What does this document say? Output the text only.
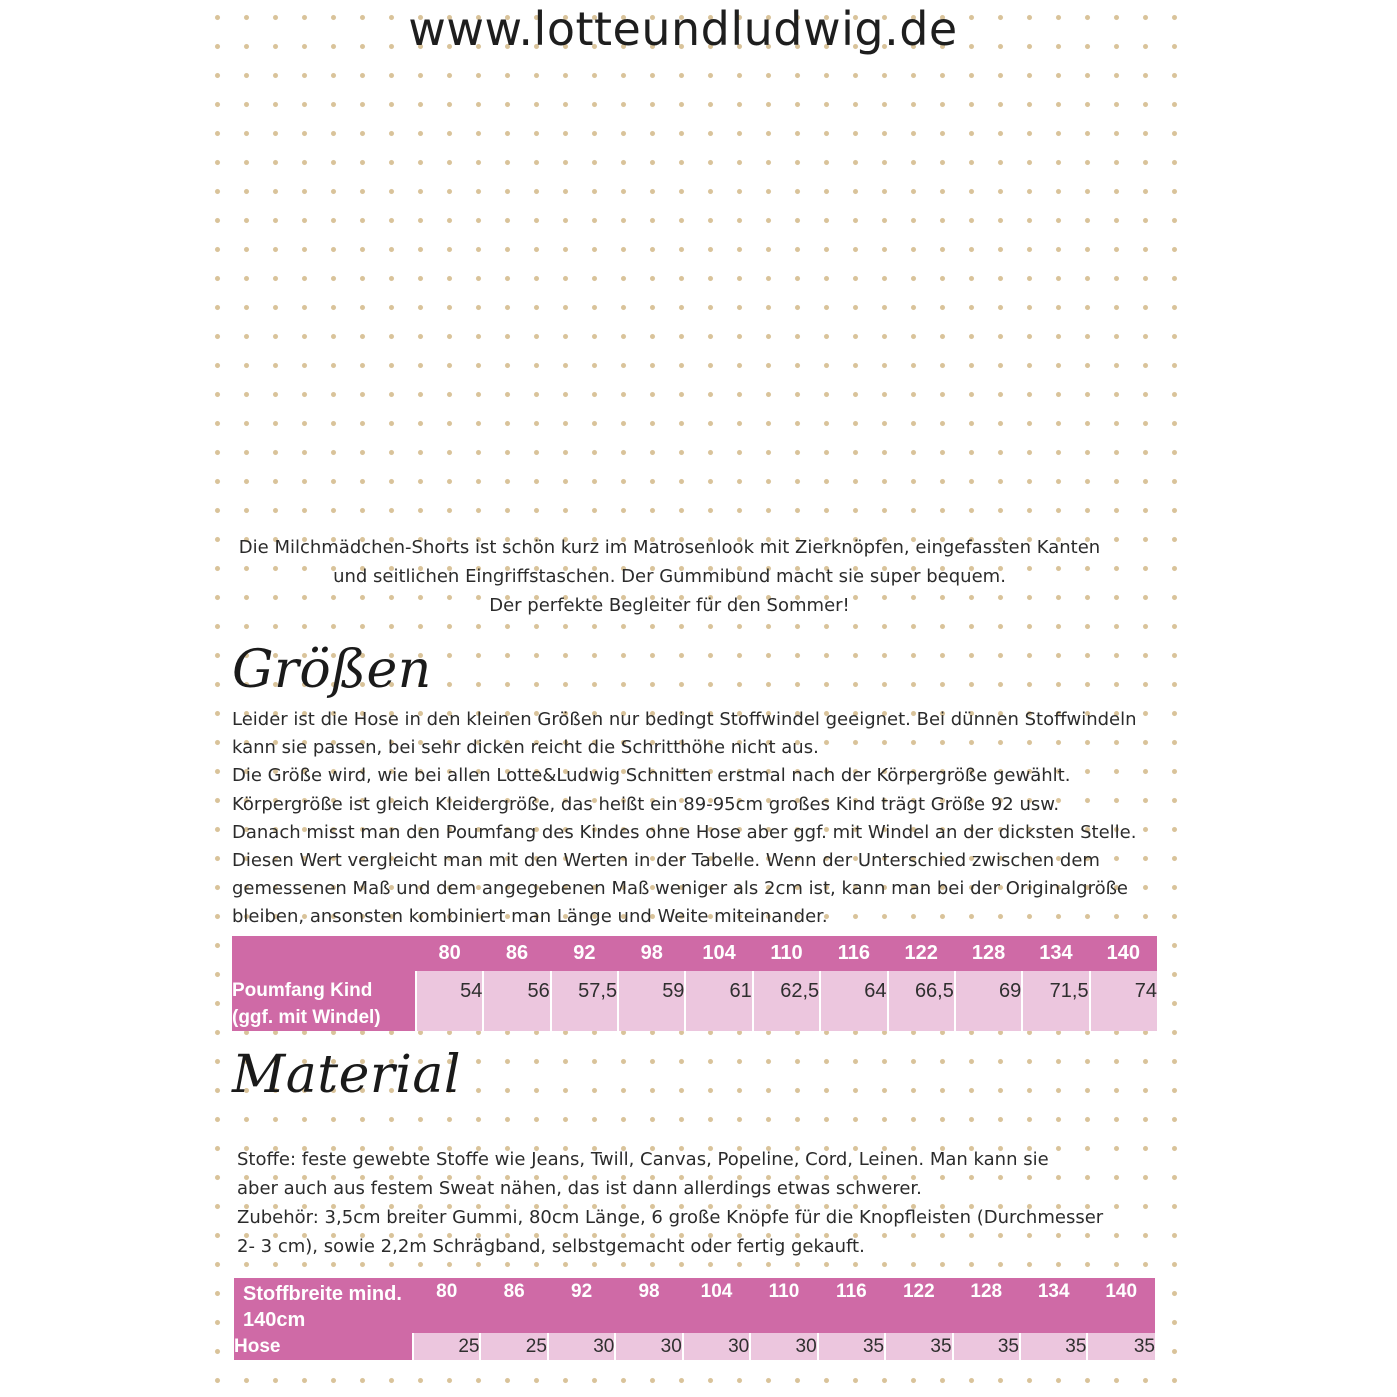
www.lotteundludwig.de

Die Milchmädchen-Shorts ist schön kurz im Matrosenlook mit Zierknöpfen, eingefassten Kanten

und seitlichen Eingriffstaschen. Der Gummibund macht sie super bequem.

Der perfekte Begleiter für den Sommer!

Größen

Leider ist die Hose in den kleinen Größen nur bedingt Stoffwindel geeignet. Bei dünnen Stoffwindeln

kann sie passen, bei sehr dicken reicht die Schritthöhe nicht aus.

Die Größe wird, wie bei allen Lotte&Ludwig Schnitten erstmal nach der Körpergröße gewählt.

Körpergröße ist gleich Kleidergröße, das heißt ein 89-95cm großes Kind trägt Größe 92 usw.

Danach misst man den Poumfang des Kindes ohne Hose aber ggf. mit Windel an der dicksten Stelle.

Diesen Wert vergleicht man mit den Werten in der Tabelle. Wenn der Unterschied zwischen dem

gemessenen Maß und dem angegebenen Maß weniger als 2cm ist, kann man bei der Originalgröße

bleiben, ansonsten kombiniert man Länge und Weite miteinander.

	80	86	92	98	104	110	116	122	128	134	140
Poumfang Kind
(ggf. mit Windel)	54	56	57,5	59	61	62,5	64	66,5	69	71,5	74
Material

Stoffe: feste gewebte Stoffe wie Jeans, Twill, Canvas, Popeline, Cord, Leinen. Man kann sie

aber auch aus festem Sweat nähen, das ist dann allerdings etwas schwerer.

Zubehör: 3,5cm breiter Gummi, 80cm Länge, 6 große Knöpfe für die Knopfleisten (Durchmesser

2- 3 cm), sowie 2,2m Schrägband, selbstgemacht oder fertig gekauft.

Stoffbreite mind.
140cm	80	86	92	98	104	110	116	122	128	134	140
Hose	25	25	30	30	30	30	35	35	35	35	35
